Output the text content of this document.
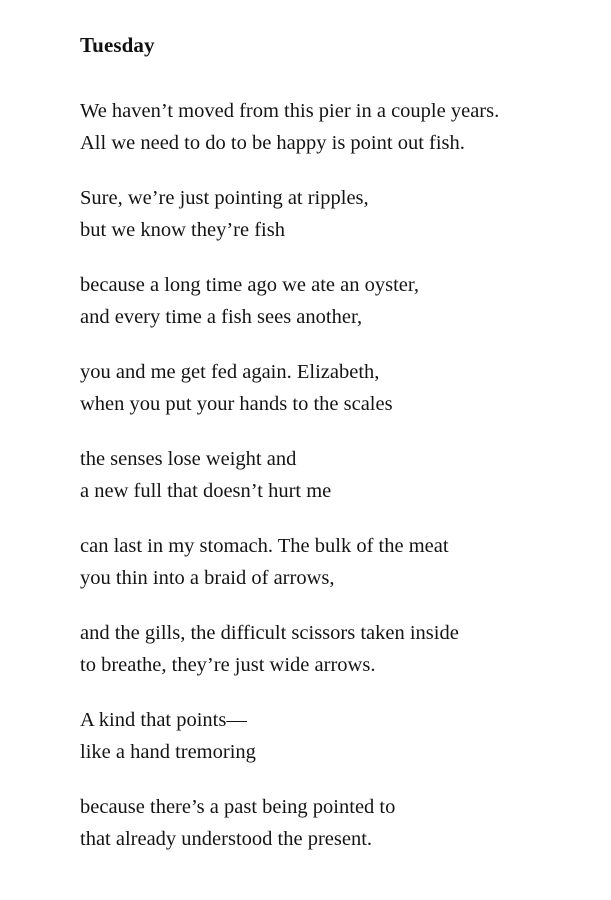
Tuesday
We haven’t moved from this pier in a couple years.
All we need to do to be happy is point out fish.
Sure, we’re just pointing at ripples,
but we know they’re fish
because a long time ago we ate an oyster,
and every time a fish sees another,
you and me get fed again. Elizabeth,
when you put your hands to the scales
the senses lose weight and
a new full that doesn’t hurt me
can last in my stomach. The bulk of the meat
you thin into a braid of arrows,
and the gills, the difficult scissors taken inside
to breathe, they’re just wide arrows.
A kind that points—
like a hand tremoring
because there’s a past being pointed to
that already understood the present.
